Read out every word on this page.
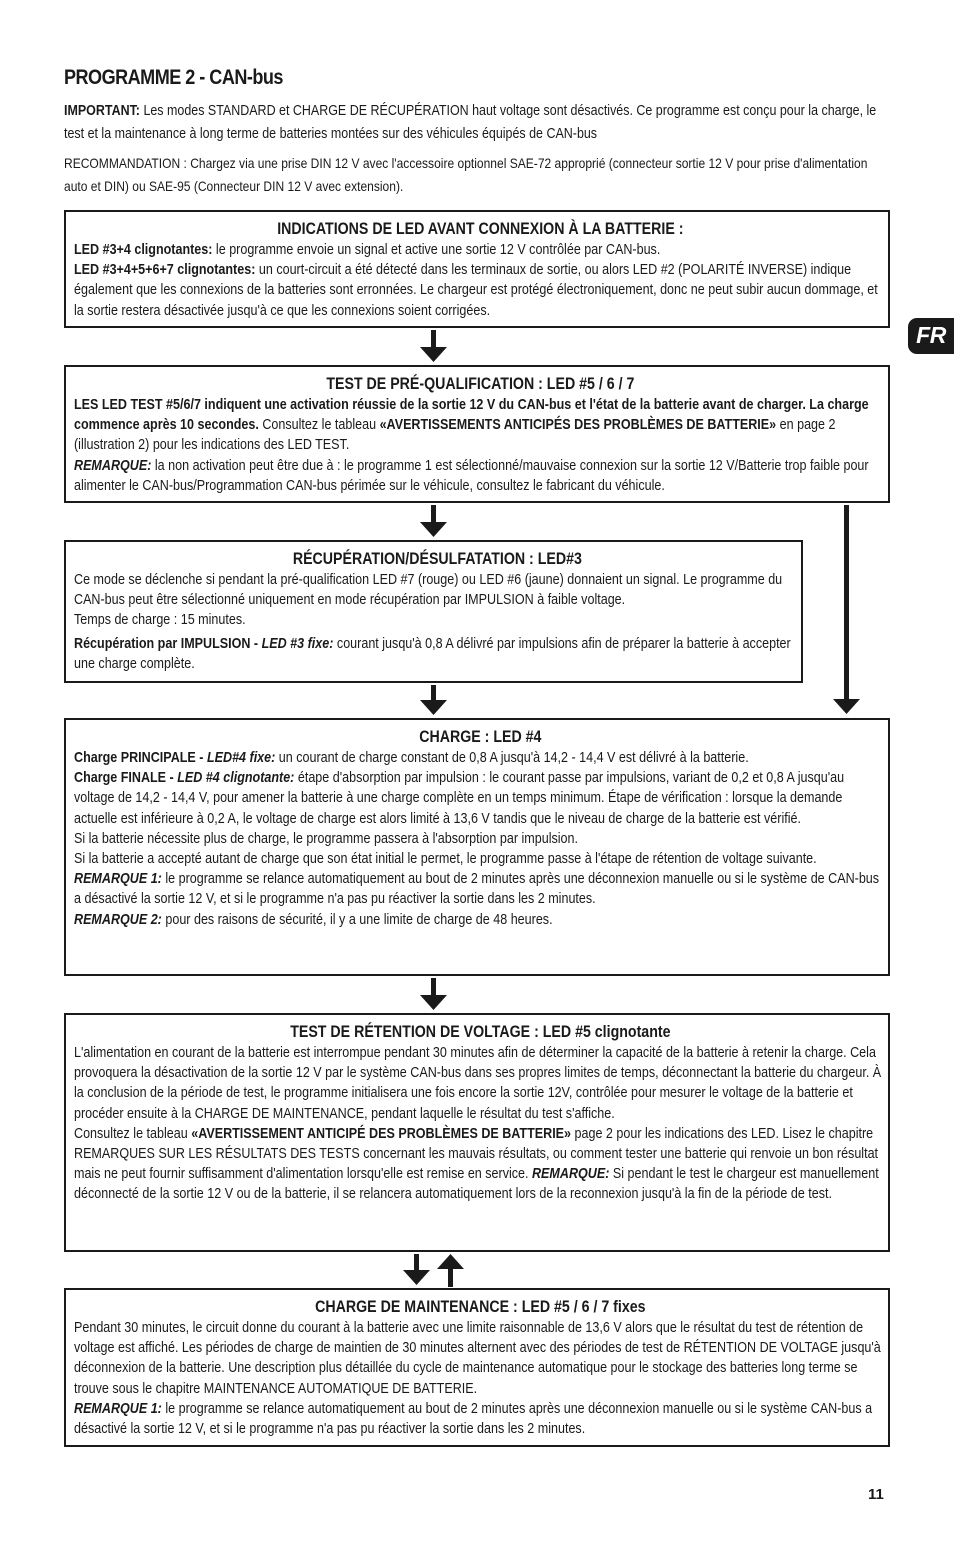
PROGRAMME 2 - CAN-bus
IMPORTANT: Les modes STANDARD et CHARGE DE RÉCUPÉRATION haut voltage sont désactivés. Ce programme est conçu pour la charge, le test et la maintenance à long terme de batteries montées sur des véhicules équipés de CAN-bus
RECOMMANDATION : Chargez via une prise DIN 12 V avec l'accessoire optionnel SAE-72 approprié (connecteur sortie 12 V pour prise d'alimentation auto et DIN) ou SAE-95 (Connecteur DIN 12 V avec extension).
INDICATIONS DE LED AVANT CONNEXION À LA BATTERIE :

LED #3+4 clignotantes: le programme envoie un signal et active une sortie 12 V contrôlée par CAN-bus.

LED #3+4+5+6+7 clignotantes: un court-circuit a été détecté dans les terminaux de sortie, ou alors LED #2 (POLARITÉ INVERSE) indique également que les connexions de la batteries sont erronnées. Le chargeur est protégé électroniquement, donc ne peut subir aucun dommage, et la sortie restera désactivée jusqu'à ce que les connexions soient corrigées.

TEST DE PRÉ-QUALIFICATION : LED #5 / 6 / 7

LES LED TEST #5/6/7 indiquent une activation réussie de la sortie 12 V du CAN-bus et l'état de la batterie avant de charger. La charge commence après 10 secondes. Consultez le tableau «AVERTISSEMENTS ANTICIPÉS DES PROBLÈMES DE BATTERIE» en page 2 (illustration 2) pour les indications des LED TEST.

REMARQUE: la non activation peut être due à : le programme 1 est sélectionné/mauvaise connexion sur la sortie 12 V/Batterie trop faible pour alimenter le CAN-bus/Programmation CAN-bus périmée sur le véhicule, consultez le fabricant du véhicule.

RÉCUPÉRATION/DÉSULFATATION : LED#3

Ce mode se déclenche si pendant la pré-qualification LED #7 (rouge) ou LED #6 (jaune) donnaient un signal. Le programme du CAN-bus peut être sélectionné uniquement en mode récupération par IMPULSION à faible voltage.

Temps de charge : 15 minutes.

Récupération par IMPULSION - LED #3 fixe: courant jusqu'à 0,8 A délivré par impulsions afin de préparer la batterie à accepter une charge complète.

CHARGE : LED #4

Charge PRINCIPALE - LED#4 fixe: un courant de charge constant de 0,8 A jusqu'à 14,2 - 14,4 V est délivré à la batterie.

Charge FINALE - LED #4 clignotante: étape d'absorption par impulsion : le courant passe par impulsions, variant de 0,2 et 0,8 A jusqu'au voltage de 14,2 - 14,4 V, pour amener la batterie à une charge complète en un temps minimum. Étape de vérification : lorsque la demande actuelle est inférieure à 0,2 A, le voltage de charge est alors limité à 13,6 V tandis que le niveau de charge de la batterie est vérifié.

Si la batterie nécessite plus de charge, le programme passera à l'absorption par impulsion.

Si la batterie a accepté autant de charge que son état initial le permet, le programme passe à l'étape de rétention de voltage suivante.

REMARQUE 1: le programme se relance automatiquement au bout de 2 minutes après une déconnexion manuelle ou si le système de CAN-bus a désactivé la sortie 12 V, et si le programme n'a pas pu réactiver la sortie dans les 2 minutes.

REMARQUE 2: pour des raisons de sécurité, il y a une limite de charge de 48 heures.

TEST DE RÉTENTION DE VOLTAGE : LED #5 clignotante

L'alimentation en courant de la batterie est interrompue pendant 30 minutes afin de déterminer la capacité de la batterie à retenir la charge. Cela provoquera la désactivation de la sortie 12 V par le système CAN-bus dans ses propres limites de temps, déconnectant la batterie du chargeur. À la conclusion de la période de test, le programme initialisera une fois encore la sortie 12V, contrôlée pour mesurer le voltage de la batterie et procéder ensuite à la CHARGE DE MAINTENANCE, pendant laquelle le résultat du test s'affiche.

Consultez le tableau «AVERTISSEMENT ANTICIPÉ DES PROBLÈMES DE BATTERIE» page 2 pour les indications des LED. Lisez le chapitre REMARQUES SUR LES RÉSULTATS DES TESTS concernant les mauvais résultats, ou comment tester une batterie qui renvoie un bon résultat mais ne peut fournir suffisamment d'alimentation lorsqu'elle est remise en service. REMARQUE: Si pendant le test le chargeur est manuellement déconnecté de la sortie 12 V ou de la batterie, il se relancera automatiquement lors de la reconnexion jusqu'à la fin de la période de test.

CHARGE DE MAINTENANCE : LED #5 / 6 / 7 fixes

Pendant 30 minutes, le circuit donne du courant à la batterie avec une limite raisonnable de 13,6 V alors que le résultat du test de rétention de voltage est affiché. Les périodes de charge de maintien de 30 minutes alternent avec des périodes de test de RÉTENTION DE VOLTAGE jusqu'à déconnexion de la batterie. Une description plus détaillée du cycle de maintenance automatique pour le stockage des batteries long terme se trouve sous le chapitre MAINTENANCE AUTOMATIQUE DE BATTERIE.

REMARQUE 1: le programme se relance automatiquement au bout de 2 minutes après une déconnexion manuelle ou si le système CAN-bus a désactivé la sortie 12 V, et si le programme n'a pas pu réactiver la sortie dans les 2 minutes.

FR
11
